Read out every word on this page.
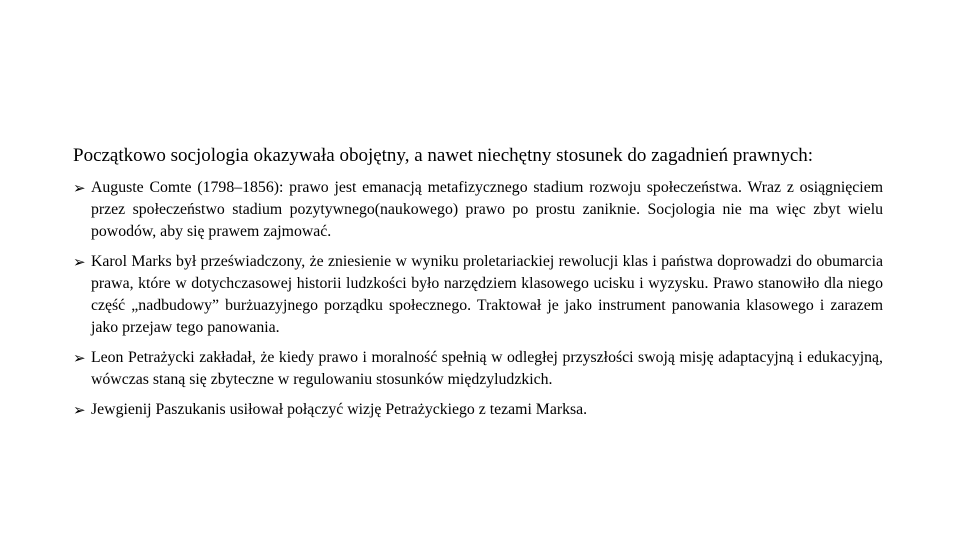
Początkowo socjologia okazywała obojętny, a nawet niechętny stosunek do zagadnień prawnych:

➢ Auguste Comte (1798–1856): prawo jest emanacją metafizycznego stadium rozwoju społeczeństwa. Wraz z osiągnięciem przez społeczeństwo stadium pozytywnego(naukowego) prawo po prostu zaniknie. Socjologia nie ma więc zbyt wielu powodów, aby się prawem zajmować.
➢ Karol Marks był przeświadczony, że zniesienie w wyniku proletariackiej rewolucji klas i państwa doprowadzi do obumarcia prawa, które w dotychczasowej historii ludzkości było narzędziem klasowego ucisku i wyzysku. Prawo stanowiło dla niego część „nadbudowy” burżuazyjnego porządku społecznego. Traktował je jako instrument panowania klasowego i zarazem jako przejaw tego panowania.
➢ Leon Petrażycki zakładał, że kiedy prawo i moralność spełnią w odległej przyszłości swoją misję adaptacyjną i edukacyjną, wówczas staną się zbyteczne w regulowaniu stosunków międzyludzkich.
➢ Jewgienij Paszukanis usiłował połączyć wizję Petrażyckiego z tezami Marksa.
